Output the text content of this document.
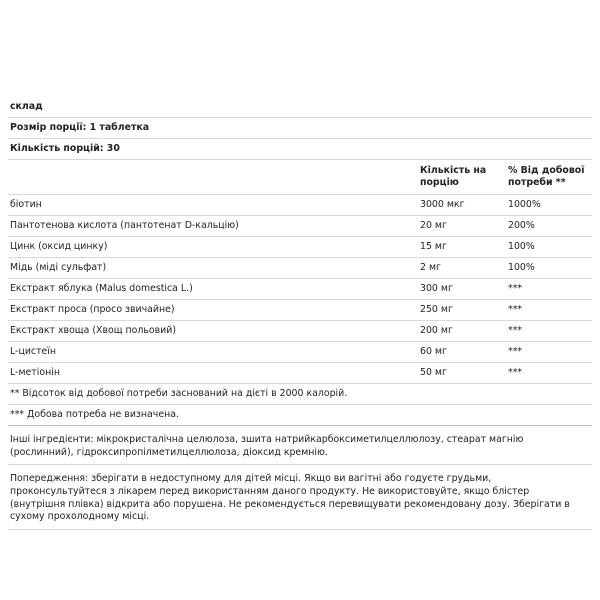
склад
Розмір порції: 1 таблетка
Кількість порцій: 30
Кількість на порцію
% Від добової потреби **
біотин	3000 мкг	1000%
Пантотенова кислота (пантотенат D-кальцію)	20 мг	200%
Цинк (оксид цинку)	15 мг	100%
Мідь (міді сульфат)	2 мг	100%
Екстракт яблука (Malus domestica L.)	300 мг	***
Екстракт проса (просо звичайне)	250 мг	***
Екстракт хвоща (Хвощ польовий)	200 мг	***
L-цистеїн	60 мг	***
L-метіонін	50 мг	***
** Відсоток від добової потреби заснований на дієті в 2000 калорій.
*** Добова потреба не визначена.
Інші інгредієнти: мікрокристалічна целюлоза, зшита натрийкарбоксиметилцеллюлозу, стеарат магнію (рослинний), гідроксипропілметилцеллюлоза, діоксид кремнію.
Попередження: зберігати в недоступному для дітей місці. Якщо ви вагітні або годуєте грудьми, проконсультуйтеся з лікарем перед використанням даного продукту. Не використовуйте, якщо блістер (внутрішня плівка) відкрита або порушена. Не рекомендується перевищувати рекомендовану дозу. Зберігати в сухому прохолодному місці.
